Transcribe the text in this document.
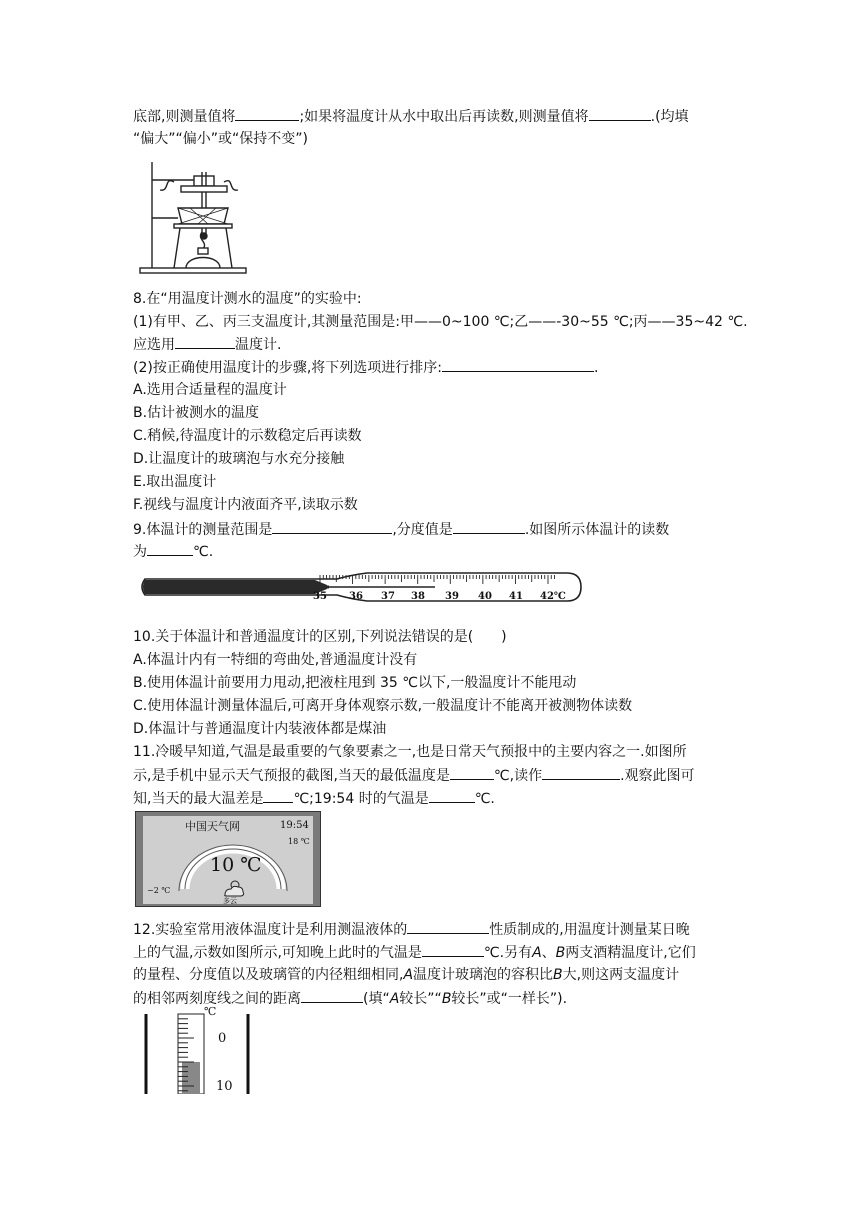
底部,则测量值将	;如果将温度计从水中取出后再读数,则测量值将	.(均填
“偏大”“偏小”或“保持不变”)
8.在“用温度计测水的温度”的实验中:
(1)有甲、乙、丙三支温度计,其测量范围是:甲——0~100 ℃;乙——-30~55 ℃;丙——35~42 ℃.
应选用	温度计.
(2)按正确使用温度计的步骤,将下列选项进行排序:	.
A.选用合适量程的温度计
B.估计被测水的温度
C.稍候,待温度计的示数稳定后再读数
D.让温度计的玻璃泡与水充分接触
E.取出温度计
F.视线与温度计内液面齐平,读取示数
9.体温计的测量范围是	,分度值是	.如图所示体温计的读数
为	℃.
35 36 37 38 39 40 41 42℃
10.关于体温计和普通温度计的区别,下列说法错误的是(　　)
A.体温计内有一特细的弯曲处,普通温度计没有
B.使用体温计前要用力甩动,把液柱甩到 35 ℃以下,一般温度计不能甩动
C.使用体温计测量体温后,可离开身体观察示数,一般温度计不能离开被测物体读数
D.体温计与普通温度计内装液体都是煤油
11.冷暖早知道,气温是最重要的气象要素之一,也是日常天气预报中的主要内容之一.如图所
示,是手机中显示天气预报的截图,当天的最低温度是	℃,读作	.观察此图可
知,当天的最大温差是 ℃;19:54 时的气温是	℃.
中国天气网	19:54
18 ℃
10 ℃
−2 ℃
多云
12.实验室常用液体温度计是利用测温液体的	性质制成的,用温度计测量某日晚
上的气温,示数如图所示,可知晚上此时的气温是	℃.另有A、B两支酒精温度计,它们
的量程、分度值以及玻璃管的内径粗细相同,A温度计玻璃泡的容积比B大,则这两支温度计
的相邻两刻度线之间的距离	(填“A较长”“B较长”或“一样长”).
℃
0
10
